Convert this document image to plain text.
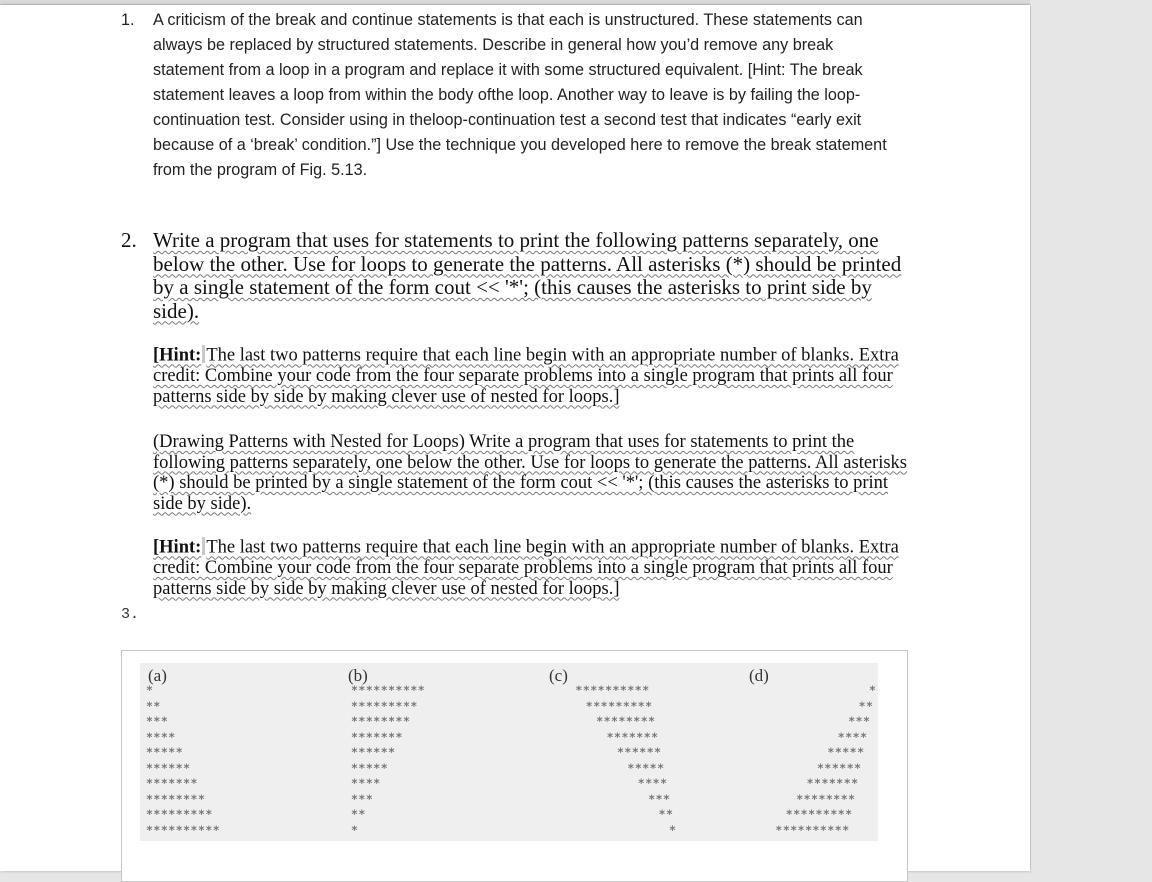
1. A criticism of the break and continue statements is that each is unstructured. These statements can always be replaced by structured statements. Describe in general how you’d remove any break statement from a loop in a program and replace it with some structured equivalent. [Hint: The break statement leaves a loop from within the body ofthe loop. Another way to leave is by failing the loop-continuation test. Consider using in theloop-continuation test a second test that indicates “early exit because of a ‘break’ condition.”] Use the technique you developed here to remove the break statement from the program of Fig. 5.13.
2. Write a program that uses for statements to print the following patterns separately, one below the other. Use for loops to generate the patterns. All asterisks (*) should be printed by a single statement of the form cout << '*'; (this causes the asterisks to print side by side).
[Hint: The last two patterns require that each line begin with an appropriate number of blanks. Extra credit: Combine your code from the four separate problems into a single program that prints all four patterns side by side by making clever use of nested for loops.]
(Drawing Patterns with Nested for Loops) Write a program that uses for statements to print the following patterns separately, one below the other. Use for loops to generate the patterns. All asterisks (*) should be printed by a single statement of the form cout << '*'; (this causes the asterisks to print side by side).
[Hint: The last two patterns require that each line begin with an appropriate number of blanks. Extra credit: Combine your code from the four separate problems into a single program that prints all four patterns side by side by making clever use of nested for loops.]
3.
(a)
*
**
***
****
*****
******
*******
********
*********
**********
(b)
**********
*********
********
*******
******
*****
****
***
**
*
(c)
**********
*********
********
*******
******
*****
****
***
**
*
(d)
*
**
***
****
*****
******
*******
********
*********
**********
